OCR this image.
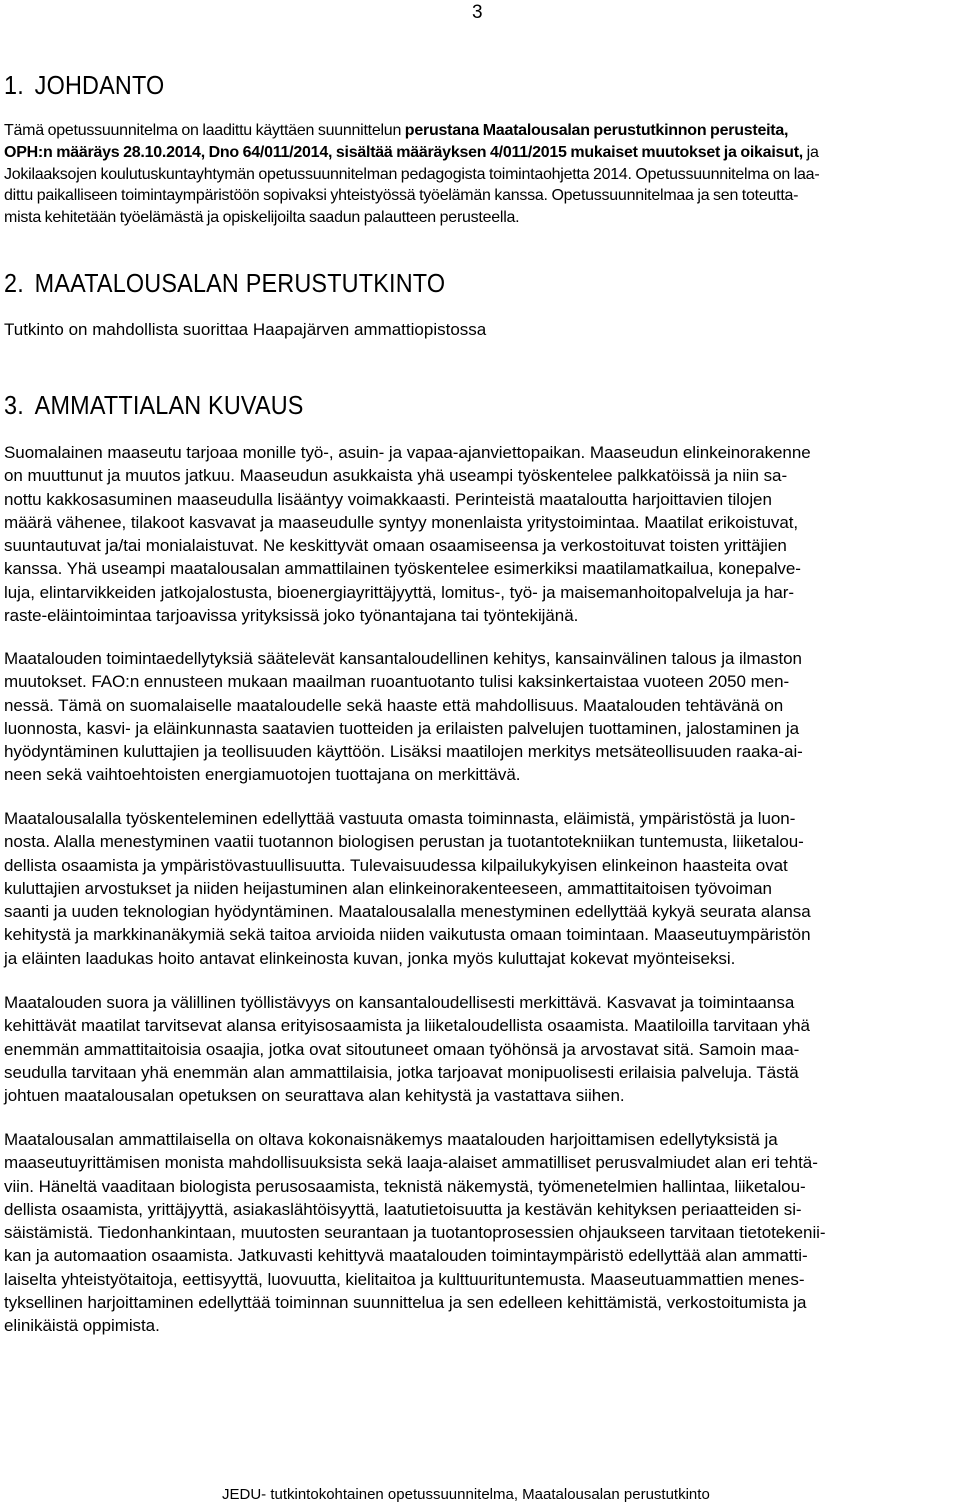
3
1. JOHDANTO
Tämä opetussuunnitelma on laadittu käyttäen suunnittelun perustana Maatalousalan perustutkinnon perusteita,
OPH:n määräys 28.10.2014, Dno 64/011/2014, sisältää määräyksen 4/011/2015 mukaiset muutokset ja oikaisut, ja
Jokilaaksojen koulutuskuntayhtymän opetussuunnitelman pedagogista toimintaohjetta 2014. Opetussuunnitelma on laa-
dittu paikalliseen toimintaympäristöön sopivaksi yhteistyössä työelämän kanssa. Opetussuunnitelmaa ja sen toteutta-
mista kehitetään työelämästä ja opiskelijoilta saadun palautteen perusteella.
2. MAATALOUSALAN PERUSTUTKINTO
Tutkinto on mahdollista suorittaa Haapajärven ammattiopistossa
3. AMMATTIALAN KUVAUS
Suomalainen maaseutu tarjoaa monille työ-, asuin- ja vapaa-ajanviettopaikan. Maaseudun elinkeinorakenne
on muuttunut ja muutos jatkuu. Maaseudun asukkaista yhä useampi työskentelee palkkatöissä ja niin sa-
nottu kakkosasuminen maaseudulla lisääntyy voimakkaasti. Perinteistä maataloutta harjoittavien tilojen
määrä vähenee, tilakoot kasvavat ja maaseudulle syntyy monenlaista yritystoimintaa. Maatilat erikoistuvat,
suuntautuvat ja/tai monialaistuvat. Ne keskittyvät omaan osaamiseensa ja verkostoituvat toisten yrittäjien
kanssa. Yhä useampi maatalousalan ammattilainen työskentelee esimerkiksi maatilamatkailua, konepalve-
luja, elintarvikkeiden jatkojalostusta, bioenergiayrittäjyyttä, lomitus-, työ- ja maisemanhoitopalveluja ja har-
raste-eläintoimintaa tarjoavissa yrityksissä joko työnantajana tai työntekijänä.
Maatalouden toimintaedellytyksiä säätelevät kansantaloudellinen kehitys, kansainvälinen talous ja ilmaston
muutokset. FAO:n ennusteen mukaan maailman ruoantuotanto tulisi kaksinkertaistaa vuoteen 2050 men-
nessä. Tämä on suomalaiselle maataloudelle sekä haaste että mahdollisuus. Maatalouden tehtävänä on
luonnosta, kasvi- ja eläinkunnasta saatavien tuotteiden ja erilaisten palvelujen tuottaminen, jalostaminen ja
hyödyntäminen kuluttajien ja teollisuuden käyttöön. Lisäksi maatilojen merkitys metsäteollisuuden raaka-ai-
neen sekä vaihtoehtoisten energiamuotojen tuottajana on merkittävä.
Maatalousalalla työskenteleminen edellyttää vastuuta omasta toiminnasta, eläimistä, ympäristöstä ja luon-
nosta. Alalla menestyminen vaatii tuotannon biologisen perustan ja tuotantotekniikan tuntemusta, liiketalou-
dellista osaamista ja ympäristövastuullisuutta. Tulevaisuudessa kilpailukykyisen elinkeinon haasteita ovat
kuluttajien arvostukset ja niiden heijastuminen alan elinkeinorakenteeseen, ammattitaitoisen työvoiman
saanti ja uuden teknologian hyödyntäminen. Maatalousalalla menestyminen edellyttää kykyä seurata alansa
kehitystä ja markkinanäkymiä sekä taitoa arvioida niiden vaikutusta omaan toimintaan. Maaseutuympäristön
ja eläinten laadukas hoito antavat elinkeinosta kuvan, jonka myös kuluttajat kokevat myönteiseksi.
Maatalouden suora ja välillinen työllistävyys on kansantaloudellisesti merkittävä. Kasvavat ja toimintaansa
kehittävät maatilat tarvitsevat alansa erityisosaamista ja liiketaloudellista osaamista. Maatiloilla tarvitaan yhä
enemmän ammattitaitoisia osaajia, jotka ovat sitoutuneet omaan työhönsä ja arvostavat sitä. Samoin maa-
seudulla tarvitaan yhä enemmän alan ammattilaisia, jotka tarjoavat monipuolisesti erilaisia palveluja. Tästä
johtuen maatalousalan opetuksen on seurattava alan kehitystä ja vastattava siihen.
Maatalousalan ammattilaisella on oltava kokonaisnäkemys maatalouden harjoittamisen edellytyksistä ja
maaseutuyrittämisen monista mahdollisuuksista sekä laaja-alaiset ammatilliset perusvalmiudet alan eri tehtä-
viin. Häneltä vaaditaan biologista perusosaamista, teknistä näkemystä, työmenetelmien hallintaa, liiketalou-
dellista osaamista, yrittäjyyttä, asiakaslähtöisyyttä, laatutietoisuutta ja kestävän kehityksen periaatteiden si-
säistämistä. Tiedonhankintaan, muutosten seurantaan ja tuotantoprosessien ohjaukseen tarvitaan tietotekenii-
kan ja automaation osaamista. Jatkuvasti kehittyvä maatalouden toimintaympäristö edellyttää alan ammatti-
laiselta yhteistyötaitoja, eettisyyttä, luovuutta, kielitaitoa ja kulttuurituntemusta. Maaseutuammattien menes-
tyksellinen harjoittaminen edellyttää toiminnan suunnittelua ja sen edelleen kehittämistä, verkostoitumista ja
elinikäistä oppimista.
JEDU- tutkintokohtainen opetussuunnitelma, Maatalousalan perustutkinto
